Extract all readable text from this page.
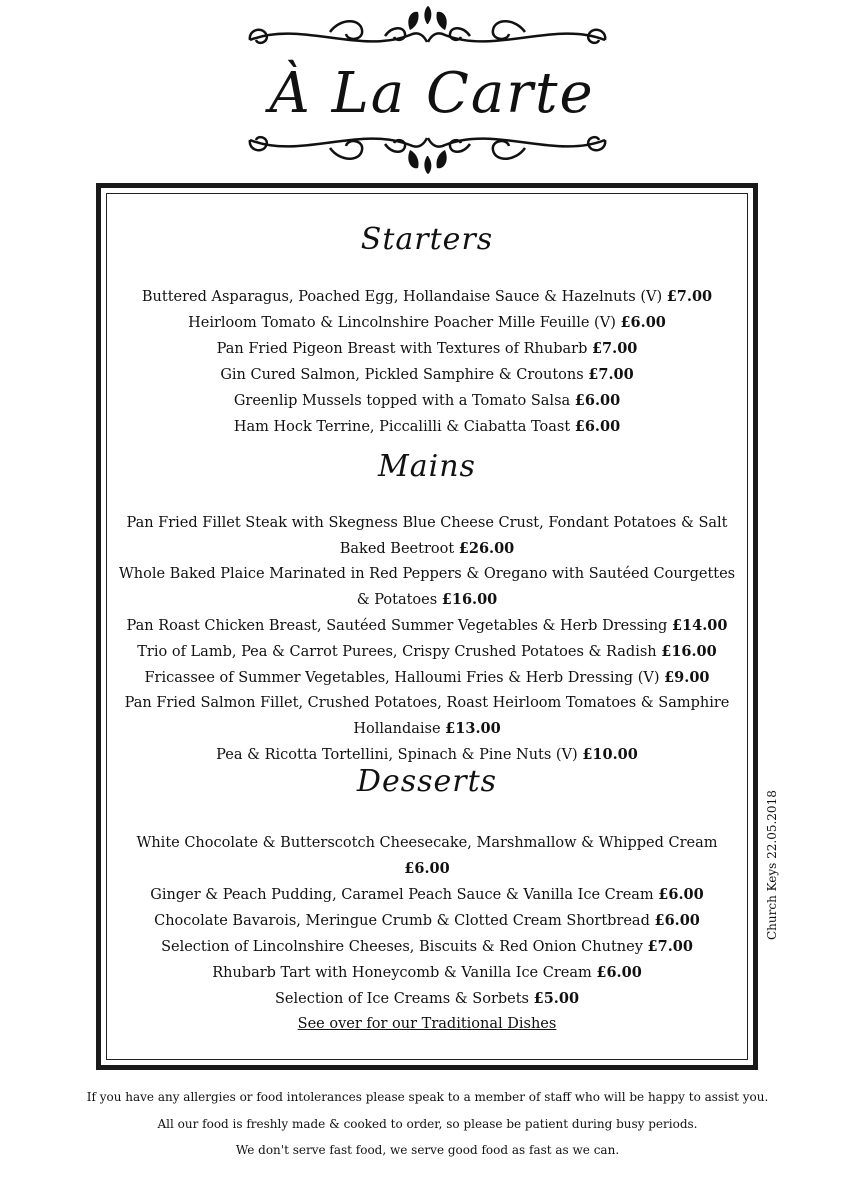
À La Carte
Starters

Buttered Asparagus, Poached Egg, Hollandaise Sauce & Hazelnuts (V) £7.00

Heirloom Tomato & Lincolnshire Poacher Mille Feuille (V) £6.00

Pan Fried Pigeon Breast with Textures of Rhubarb £7.00

Gin Cured Salmon, Pickled Samphire & Croutons £7.00

Greenlip Mussels topped with a Tomato Salsa £6.00

Ham Hock Terrine, Piccalilli & Ciabatta Toast £6.00

Mains

Pan Fried Fillet Steak with Skegness Blue Cheese Crust, Fondant Potatoes & Salt Baked Beetroot £26.00

Whole Baked Plaice Marinated in Red Peppers & Oregano with Sautéed Courgettes & Potatoes £16.00

Pan Roast Chicken Breast, Sautéed Summer Vegetables & Herb Dressing £14.00

Trio of Lamb, Pea & Carrot Purees, Crispy Crushed Potatoes & Radish £16.00

Fricassee of Summer Vegetables, Halloumi Fries & Herb Dressing (V) £9.00

Pan Fried Salmon Fillet, Crushed Potatoes, Roast Heirloom Tomatoes & Samphire Hollandaise £13.00

Pea & Ricotta Tortellini, Spinach & Pine Nuts (V) £10.00

Desserts

White Chocolate & Butterscotch Cheesecake, Marshmallow & Whipped Cream £6.00

Ginger & Peach Pudding, Caramel Peach Sauce & Vanilla Ice Cream £6.00

Chocolate Bavarois, Meringue Crumb & Clotted Cream Shortbread £6.00

Selection of Lincolnshire Cheeses, Biscuits & Red Onion Chutney £7.00

Rhubarb Tart with Honeycomb & Vanilla Ice Cream £6.00

Selection of Ice Creams & Sorbets £5.00

See over for our Traditional Dishes
Church Keys 22.05.2018
If you have any allergies or food intolerances please speak to a member of staff who will be happy to assist you.
All our food is freshly made & cooked to order, so please be patient during busy periods.
We don't serve fast food, we serve good food as fast as we can.
